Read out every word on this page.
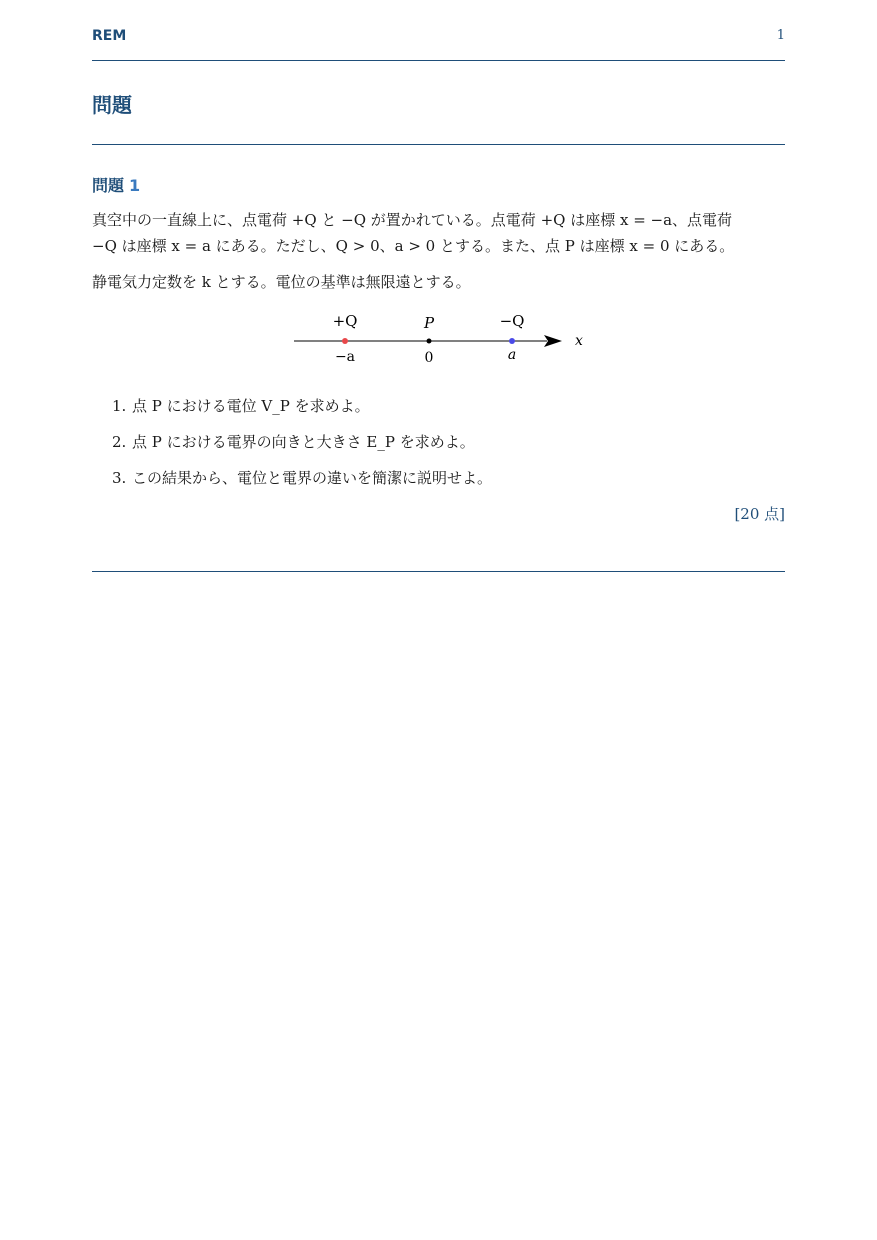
REM	1
問題
問題 1
真空中の一直線上に、点電荷 +Q と −Q が置かれている。点電荷 +Q は座標 x = −a、点電荷
−Q は座標 x = a にある。ただし、Q > 0、a > 0 とする。また、点 P は座標 x = 0 にある。
静電気力定数を k とする。電位の基準は無限遠とする。
x
+Q	P	−Q
−a	0	a
1. 点 P における電位 V_P を求めよ。
2. 点 P における電界の向きと大きさ E_P を求めよ。
3. この結果から、電位と電界の違いを簡潔に説明せよ。
[20 点]
